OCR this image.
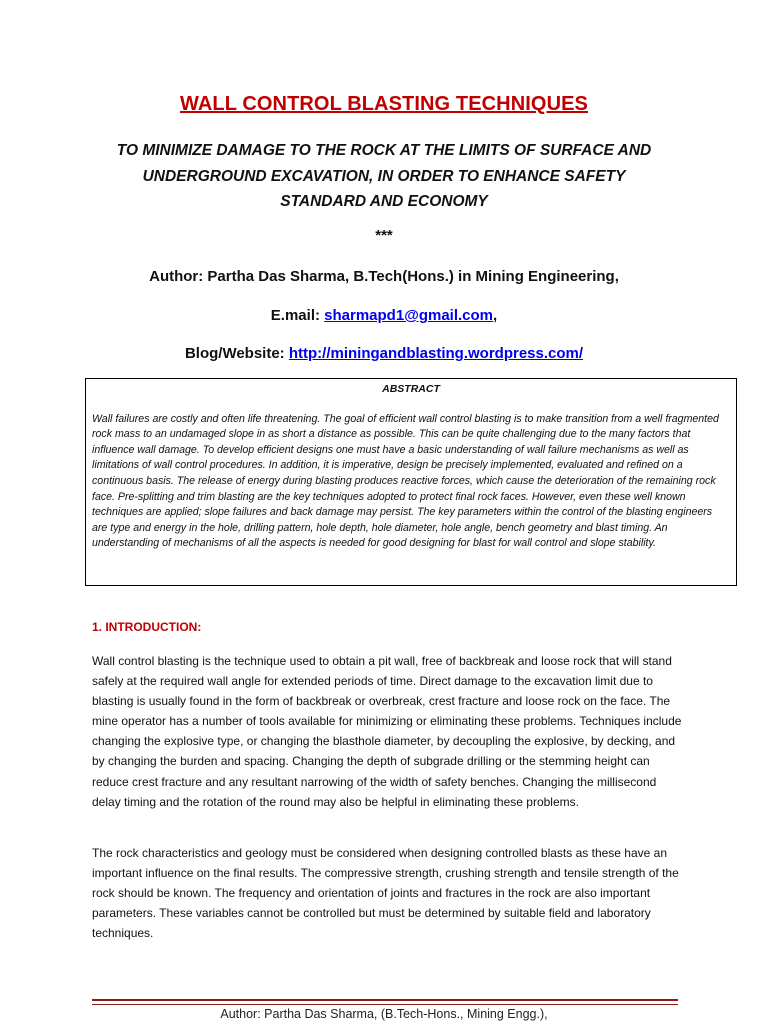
WALL CONTROL BLASTING TECHNIQUES
TO MINIMIZE DAMAGE TO THE ROCK AT THE LIMITS OF SURFACE AND UNDERGROUND EXCAVATION, IN ORDER TO ENHANCE SAFETY STANDARD AND ECONOMY
***
Author: Partha Das Sharma, B.Tech(Hons.) in Mining Engineering,
E.mail: sharmapd1@gmail.com,
Blog/Website: http://miningandblasting.wordpress.com/
ABSTRACT
Wall failures are costly and often life threatening. The goal of efficient wall control blasting is to make transition from a well fragmented rock mass to an undamaged slope in as short a distance as possible. This can be quite challenging due to the many factors that influence wall damage. To develop efficient designs one must have a basic understanding of wall failure mechanisms as well as limitations of wall control procedures. In addition, it is imperative, design be precisely implemented, evaluated and refined on a continuous basis. The release of energy during blasting produces reactive forces, which cause the deterioration of the remaining rock face. Pre-splitting and trim blasting are the key techniques adopted to protect final rock faces. However, even these well known techniques are applied; slope failures and back damage may persist. The key parameters within the control of the blasting engineers are type and energy in the hole, drilling pattern, hole depth, hole diameter, hole angle, bench geometry and blast timing. An understanding of mechanisms of all the aspects is needed for good designing for blast for wall control and slope stability.
1. INTRODUCTION:
Wall control blasting is the technique used to obtain a pit wall, free of backbreak and loose rock that will stand safely at the required wall angle for extended periods of time. Direct damage to the excavation limit due to blasting is usually found in the form of backbreak or overbreak, crest fracture and loose rock on the face. The mine operator has a number of tools available for minimizing or eliminating these problems. Techniques include changing the explosive type, or changing the blasthole diameter, by decoupling the explosive, by decking, and by changing the burden and spacing. Changing the depth of subgrade drilling or the stemming height can reduce crest fracture and any resultant narrowing of the width of safety benches. Changing the millisecond delay timing and the rotation of the round may also be helpful in eliminating these problems.
The rock characteristics and geology must be considered when designing controlled blasts as these have an important influence on the final results. The compressive strength, crushing strength and tensile strength of the rock should be known. The frequency and orientation of joints and fractures in the rock are also important parameters. These variables cannot be controlled but must be determined by suitable field and laboratory techniques.
Author: Partha Das Sharma, (B.Tech-Hons., Mining Engg.),
